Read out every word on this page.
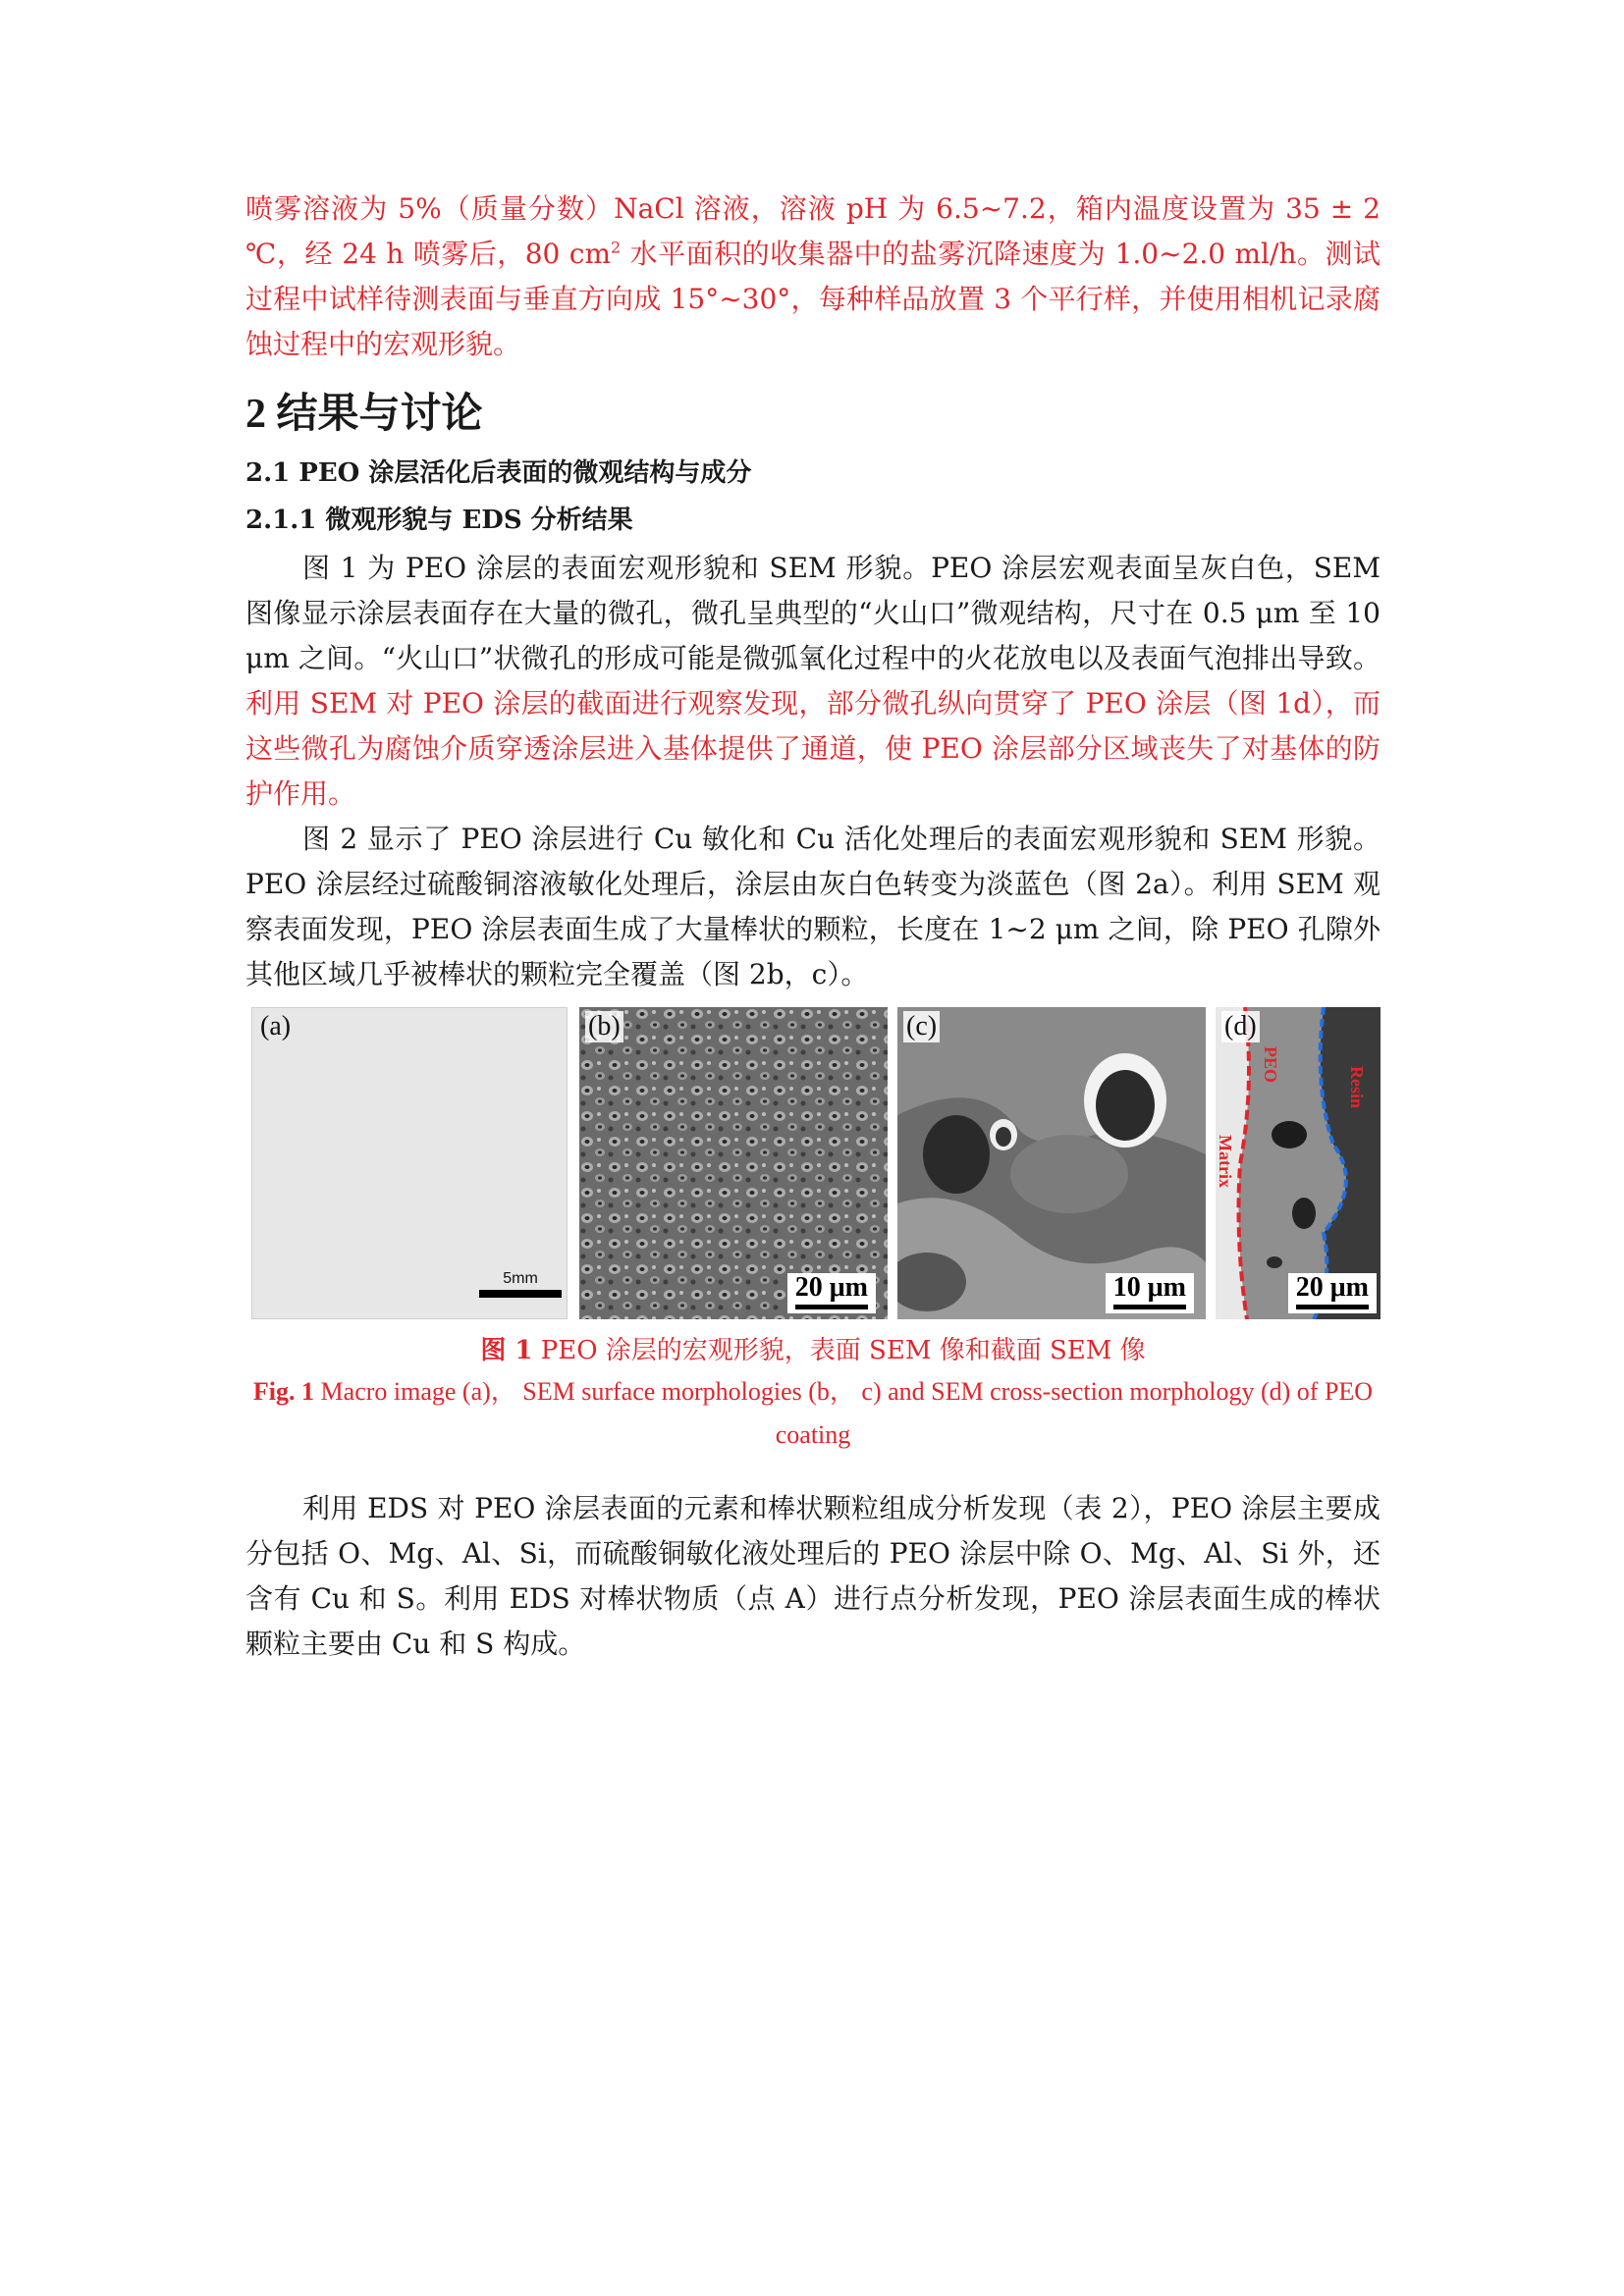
喷雾溶液为 5%（质量分数）NaCl 溶液，溶液 pH 为 6.5~7.2，箱内温度设置为 35 ± 2 ℃，经 24 h 喷雾后，80 $cm^2$ 水平面积的收集器中的盐雾沉降速度为 1.0~2.0 ml/h。测试过程中试样待测表面与垂直方向成 15°~30°，每种样品放置 3 个平行样，并使用相机记录腐蚀过程中的宏观形貌。

2 结果与讨论
2.1 PEO 涂层活化后表面的微观结构与成分
2.1.1 微观形貌与 EDS 分析结果

图 1 为 PEO 涂层的表面宏观形貌和 SEM 形貌。PEO 涂层宏观表面呈灰白色，SEM 图像显示涂层表面存在大量的微孔，微孔呈典型的“火山口”微观结构，尺寸在 0.5 μm 至 10 μm 之间。“火山口”状微孔的形成可能是微弧氧化过程中的火花放电以及表面气泡排出导致。利用 SEM 对 PEO 涂层的截面进行观察发现，部分微孔纵向贯穿了 PEO 涂层（图 1d），而这些微孔为腐蚀介质穿透涂层进入基体提供了通道，使 PEO 涂层部分区域丧失了对基体的防护作用。

图 2 显示了 PEO 涂层进行 Cu 敏化和 Cu 活化处理后的表面宏观形貌和 SEM 形貌。PEO 涂层经过硫酸铜溶液敏化处理后，涂层由灰白色转变为淡蓝色（图 2a）。利用 SEM 观察表面发现，PEO 涂层表面生成了大量棒状的颗粒，长度在 1~2 μm 之间，除 PEO 孔隙外其他区域几乎被棒状的颗粒完全覆盖（图 2b，c）。

(a)
5mm
(b)
20 μm
(c)
10 μm
(d)
PEO
Resin
Matrix
20 μm
图 1 PEO 涂层的宏观形貌，表面 SEM 像和截面 SEM 像
Fig. 1 Macro image (a)， SEM surface morphologies (b， c) and SEM cross-section morphology (d) of PEO coating

利用 EDS 对 PEO 涂层表面的元素和棒状颗粒组成分析发现（表 2），PEO 涂层主要成分包括 O、Mg、Al、Si，而硫酸铜敏化液处理后的 PEO 涂层中除 O、Mg、Al、Si 外，还含有 Cu 和 S。利用 EDS 对棒状物质（点 A）进行点分析发现，PEO 涂层表面生成的棒状颗粒主要由 Cu 和 S 构成。
